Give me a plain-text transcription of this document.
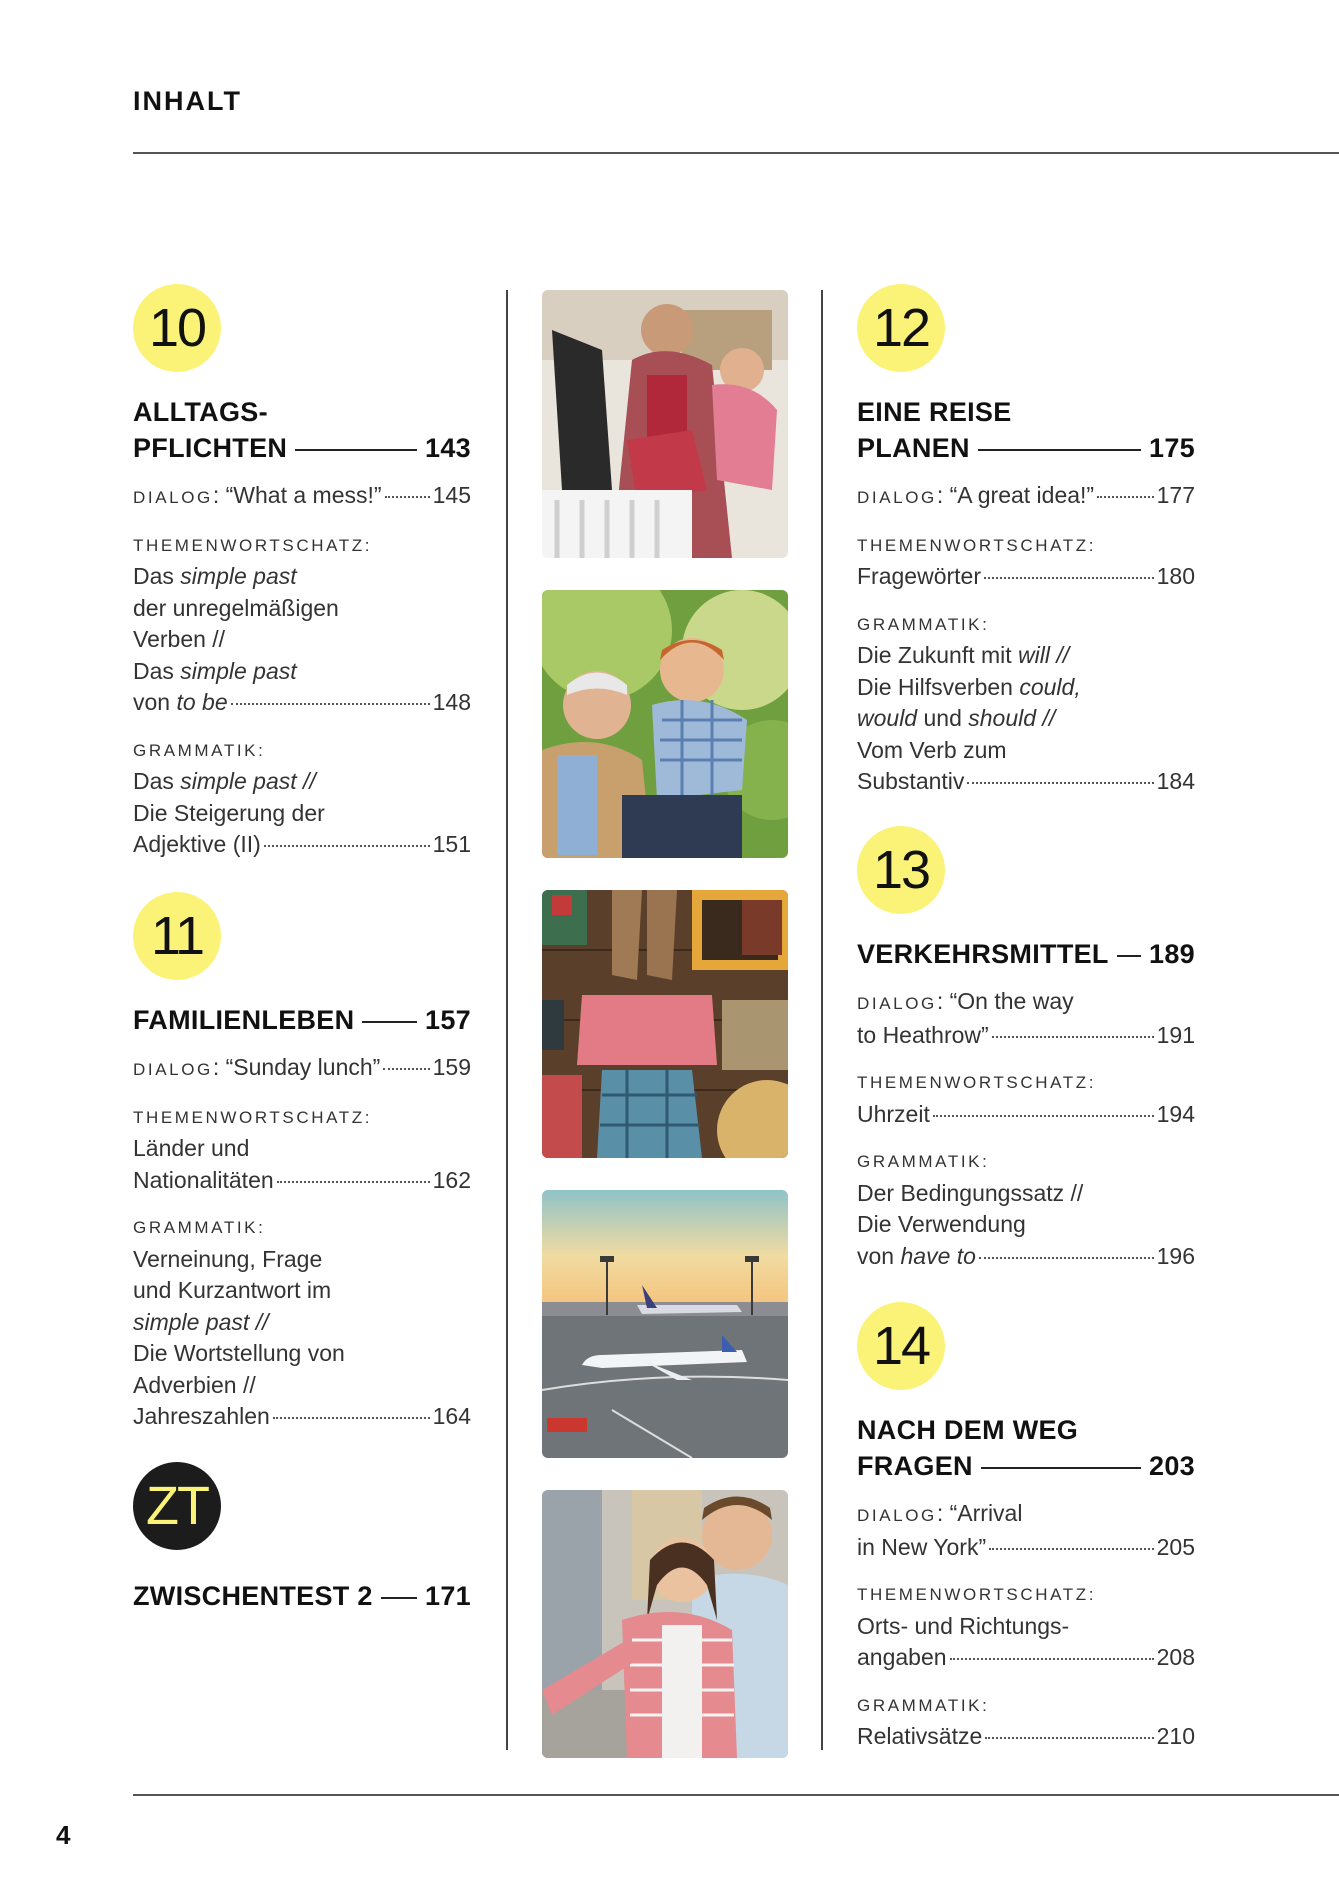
INHALT
10
ALLTAGS-
PFLICHTEN	143
DIALOG: “What a mess!” 145
THEMENWORTSCHATZ:
Das simple past
der unregelmäßigen
Verben //
Das simple past
von to be	148
GRAMMATIK:
Das simple past //
Die Steigerung der
Adjektive (II)	151
11
FAMILIENLEBEN	157
DIALOG: “Sunday lunch” 159
THEMENWORTSCHATZ:
Länder und
Nationalitäten	162
GRAMMATIK:
Verneinung, Frage
und Kurzantwort im
simple past //
Die Wortstellung von
Adverbien //
Jahreszahlen	164
ZT
ZWISCHENTEST 2 171
12
EINE REISE
PLANEN	175
DIALOG: “A great idea!”	177
THEMENWORTSCHATZ:
Fragewörter	180
GRAMMATIK:
Die Zukunft mit will //
Die Hilfsverben could,
would und should //
Vom Verb zum
Substantiv	184
13
VERKEHRSMITTEL 189
DIALOG: “On the way
to Heathrow”	191
THEMENWORTSCHATZ:
Uhrzeit	194
GRAMMATIK:
Der Bedingungssatz //
Die Verwendung
von have to	196
14
NACH DEM WEG
FRAGEN	203
DIALOG: “Arrival
in New York”	205
THEMENWORTSCHATZ:
Orts- und Richtungs-
angaben	208
GRAMMATIK:
Relativsätze	210
4
